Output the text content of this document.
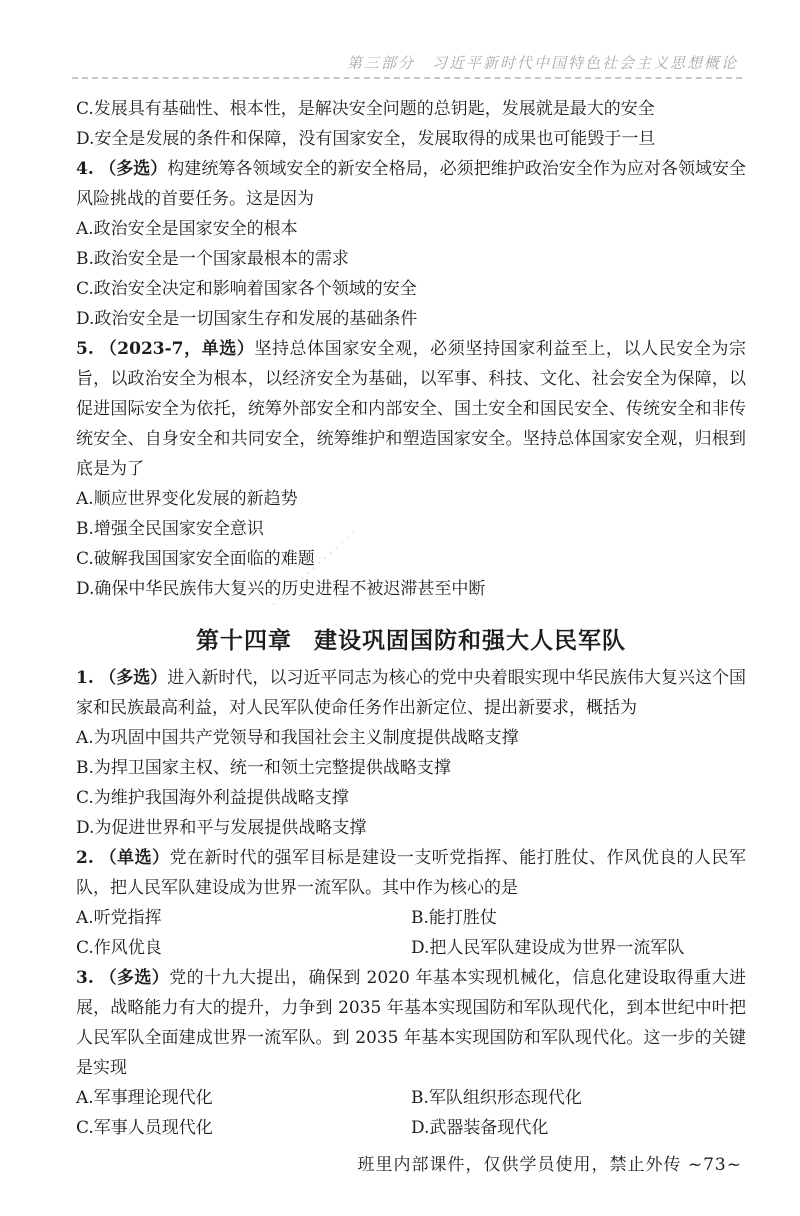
第三部分　习近平新时代中国特色社会主义思想概论
· · · · · · · · · · · · · · ·

C.发展具有基础性、根本性，是解决安全问题的总钥匙，发展就是最大的安全

D.安全是发展的条件和保障，没有国家安全，发展取得的成果也可能毁于一旦

4. （多选）构建统筹各领域安全的新安全格局，必须把维护政治安全作为应对各领域安全风险挑战的首要任务。这是因为

A.政治安全是国家安全的根本

B.政治安全是一个国家最根本的需求

C.政治安全决定和影响着国家各个领域的安全

D.政治安全是一切国家生存和发展的基础条件

5. （2023-7，单选）坚持总体国家安全观，必须坚持国家利益至上，以人民安全为宗旨，以政治安全为根本，以经济安全为基础，以军事、科技、文化、社会安全为保障，以促进国际安全为依托，统筹外部安全和内部安全、国土安全和国民安全、传统安全和非传统安全、自身安全和共同安全，统筹维护和塑造国家安全。坚持总体国家安全观，归根到底是为了

A.顺应世界变化发展的新趋势

B.增强全民国家安全意识

C.破解我国国家安全面临的难题

D.确保中华民族伟大复兴的历史进程不被迟滞甚至中断

第十四章 建设巩固国防和强大人民军队

1. （多选）进入新时代，以习近平同志为核心的党中央着眼实现中华民族伟大复兴这个国家和民族最高利益，对人民军队使命任务作出新定位、提出新要求，概括为

A.为巩固中国共产党领导和我国社会主义制度提供战略支撑

B.为捍卫国家主权、统一和领土完整提供战略支撑

C.为维护我国海外利益提供战略支撑

D.为促进世界和平与发展提供战略支撑

2. （单选）党在新时代的强军目标是建设一支听党指挥、能打胜仗、作风优良的人民军队，把人民军队建设成为世界一流军队。其中作为核心的是

A.听党指挥	B.能打胜仗
C.作风优良	D.把人民军队建设成为世界一流军队

3. （多选）党的十九大提出，确保到 2020 年基本实现机械化，信息化建设取得重大进展，战略能力有大的提升，力争到 2035 年基本实现国防和军队现代化，到本世纪中叶把人民军队全面建成世界一流军队。到 2035 年基本实现国防和军队现代化。这一步的关键是实现

A.军事理论现代化	B.军队组织形态现代化
C.军事人员现代化	D.武器装备现代化
班里内部课件，仅供学员使用，禁止外传 ~73~
